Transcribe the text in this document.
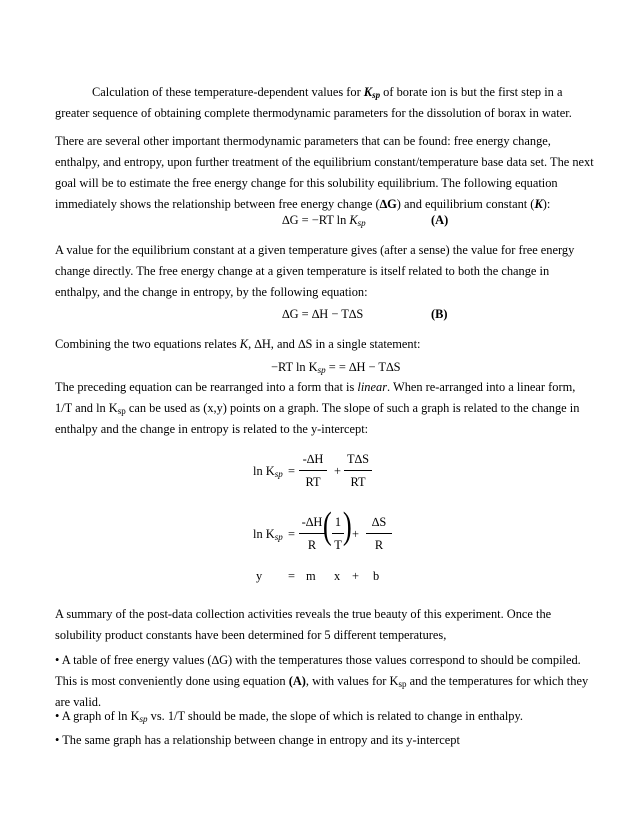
Calculation of these temperature-dependent values for $K_{sp}$ of borate ion is but the first step in a greater sequence of obtaining complete thermodynamic parameters for the dissolution of borax in water.

There are several other important thermodynamic parameters that can be found: free energy change, enthalpy, and entropy, upon further treatment of the equilibrium constant/temperature base data set. The next goal will be to estimate the free energy change for this solubility equilibrium. The following equation immediately shows the relationship between free energy change (∆G) and equilibrium constant (K):

∆G = −RT $\ln K_{sp}$	(A)

A value for the equilibrium constant at a given temperature gives (after a sense) the value for free energy change directly. The free energy change at a given temperature is itself related to both the change in enthalpy, and the change in entropy, by the following equation:

∆G = ∆H − T∆S	(B)

Combining the two equations relates K, ∆H, and ∆S in a single statement:

−RT $\ln K_{sp}$ = = ∆H − T∆S

The preceding equation can be rearranged into a form that is linear. When re-arranged into a linear form, 1/T and $\ln K_{sp}$ can be used as (x,y) points on a graph. The slope of such a graph is related to the change in enthalpy and the change in entropy is related to the y-intercept:

$\ln K_{sp}$ =
-∆H
RT
+
T∆S
RT
$\ln K_{sp}$ =
-∆H
R ( 1
T ) +
∆S
R
y = m x + b

A summary of the post-data collection activities reveals the true beauty of this experiment. Once the solubility product constants have been determined for 5 different temperatures,

• A table of free energy values (∆G) with the temperatures those values correspond to should be compiled. This is most conveniently done using equation (A), with values for $K_{sp}$ and the temperatures for which they are valid.

• A graph of $\ln K_{sp}$ vs. 1/T should be made, the slope of which is related to change in enthalpy.

• The same graph has a relationship between change in entropy and its y-intercept
